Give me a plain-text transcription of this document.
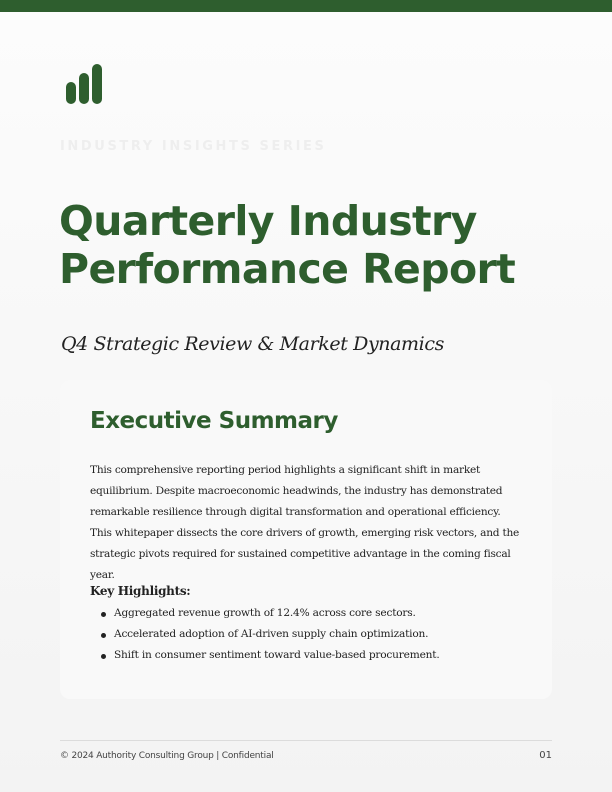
INDUSTRY INSIGHTS SERIES
Quarterly Industry
Performance Report
Q4 Strategic Review & Market Dynamics
Executive Summary

This comprehensive reporting period highlights a significant shift in market equilibrium. Despite macroeconomic headwinds, the industry has demonstrated remarkable resilience through digital transformation and operational efficiency. This whitepaper dissects the core drivers of growth, emerging risk vectors, and the strategic pivots required for sustained competitive advantage in the coming fiscal year.

Key Highlights:

Aggregated revenue growth of 12.4% across core sectors.
Accelerated adoption of AI-driven supply chain optimization.
Shift in consumer sentiment toward value-based procurement.
© 2024 Authority Consulting Group | Confidential	01
